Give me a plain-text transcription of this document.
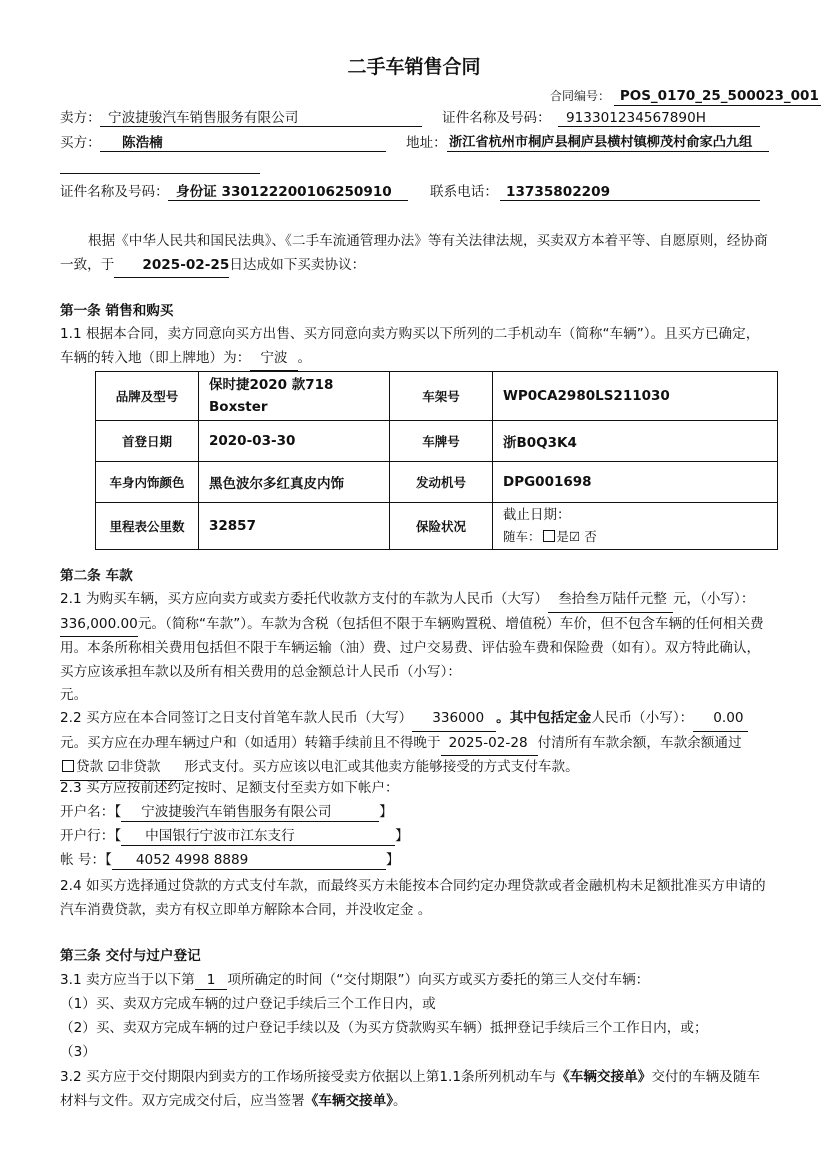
二手车销售合同
合同编号： POS_0170_25_500023_001
卖方： 宁波捷骏汽车销售服务有限公司	证件名称及号码： 913301234567890H
买方： 陈浩楠	地址： 浙江省杭州市桐庐县桐庐县横村镇柳茂村俞家凸九组
证件名称及号码： 身份证 330122200106250910	联系电话： 13735802209
根据《中华人民共和国民法典》、《二手车流通管理办法》等有关法律法规，买卖双方本着平等、自愿原则，经协商一致，于 2025-02-25日达成如下买卖协议：
第一条 销售和购买
1.1 根据本合同，卖方同意向买方出售、买方同意向卖方购买以下所列的二手机动车（简称“车辆”）。且买方已确定，车辆的转入地（即上牌地）为： 宁波 。
品牌及型号	保时捷2020 款718 Boxster	车架号	WP0CA2980LS211030
首登日期	2020-03-30	车牌号	浙B0Q3K4
车身内饰颜色	黑色波尔多红真皮内饰	发动机号	DPG001698
里程表公里数	32857	保险状况	截止日期：
随车： 是☑ 否
第二条 车款
2.1 为购买车辆，买方应向卖方或卖方委托代收款方支付的车款为人民币（大写） 叁拾叁万陆仟元整 元，（小写）：336,000.00元。（简称“车款”）。车款为含税（包括但不限于车辆购置税、增值税）车价，但不包含车辆的任何相关费用。本条所称相关费用包括但不限于车辆运输（油）费、过户交易费、评估验车费和保险费（如有）。双方特此确认，买方应该承担车款以及所有相关费用的总金额总计人民币（小写）：
元。
2.2 买方应在本合同签订之日支付首笔车款人民币（大写） 336000 。其中包括定金人民币（小写）： 0.00元。买方应在办理车辆过户和（如适用）转籍手续前且不得晚于 2025-02-28 付清所有车款余额，车款余额通过
贷款 ☑非贷款 形式支付。买方应该以电汇或其他卖方能够接受的方式支付车款。
2.3 买方应按前述约定按时、足额支付至卖方如下帐户：
开户名：【 宁波捷骏汽车销售服务有限公司	】
开户行：【 中国银行宁波市江东支行	】
帐 号：【 4052 4998 8889	】
2.4 如买方选择通过贷款的方式支付车款，而最终买方未能按本合同约定办理贷款或者金融机构未足额批准买方申请的汽车消费贷款，卖方有权立即单方解除本合同，并没收定金 。
第三条 交付与过户登记
3.1 卖方应当于以下第 1 项所确定的时间（“交付期限”）向买方或买方委托的第三人交付车辆：
（1）买、卖双方完成车辆的过户登记手续后三个工作日内，或
（2）买、卖双方完成车辆的过户登记手续以及（为买方贷款购买车辆）抵押登记手续后三个工作日内，或；
（3）
3.2 买方应于交付期限内到卖方的工作场所接受卖方依据以上第1.1条所列机动车与《车辆交接单》交付的车辆及随车材料与文件。双方完成交付后，应当签署《车辆交接单》。
